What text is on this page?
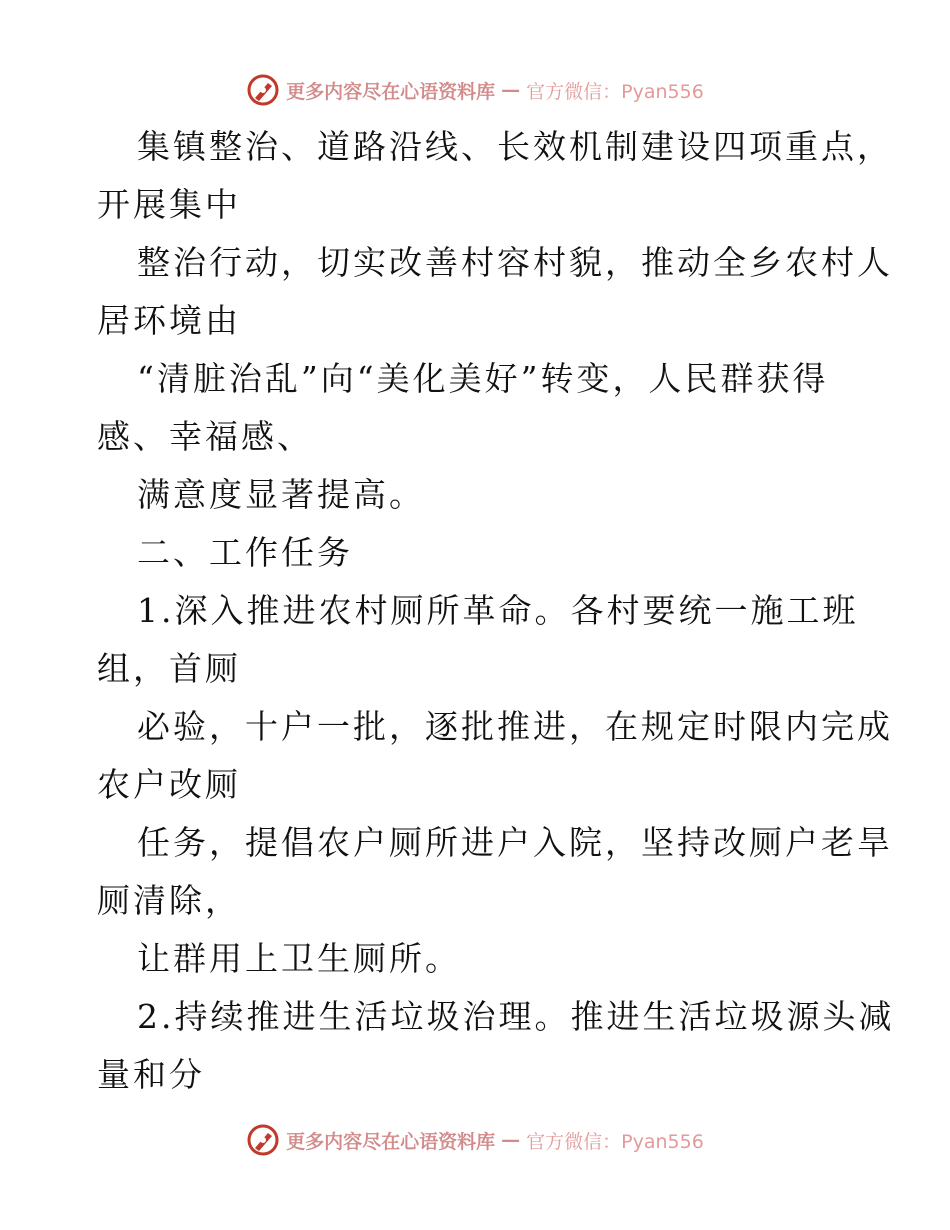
更多内容尽在心语资料库 — 官方微信：Pyan556
集镇整治、道路沿线、长效机制建设四项重点，
开展集中
整治行动，切实改善村容村貌，推动全乡农村人
居环境由
“清脏治乱”向“美化美好”转变，人民群获得
感、幸福感、
满意度显著提高。
二、工作任务
1.深入推进农村厕所革命。各村要统一施工班
组，首厕
必验，十户一批，逐批推进，在规定时限内完成
农户改厕
任务，提倡农户厕所进户入院，坚持改厕户老旱
厕清除，
让群用上卫生厕所。
2.持续推进生活垃圾治理。推进生活垃圾源头减
量和分
更多内容尽在心语资料库 — 官方微信：Pyan556
